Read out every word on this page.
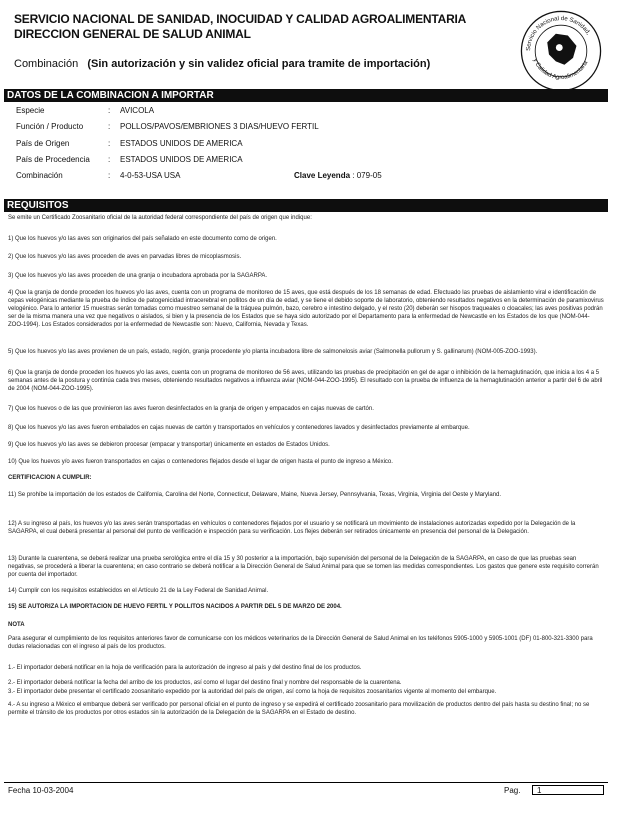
SERVICIO NACIONAL DE SANIDAD, INOCUIDAD Y CALIDAD AGROALIMENTARIA
DIRECCION GENERAL DE SALUD ANIMAL
Combinación (Sin autorización y sin validez oficial para tramite de importación)
Servicio Nacional de Sanidad,
y Calidad Agroalimentaria
DATOS DE LA COMBINACION A IMPORTAR
Especie	: AVICOLA
Función / Producto	: POLLOS/PAVOS/EMBRIONES 3 DIAS/HUEVO FERTIL
País de Origen	: ESTADOS UNIDOS DE AMERICA
País de Procedencia : ESTADOS UNIDOS DE AMERICA
Combinación	: 4-0-53-USA USA	Clave Leyenda : 079-05
REQUISITOS
Se emite un Certificado Zoosanitario oficial de la autoridad federal correspondiente del país de origen que indique:
1) Que los huevos y/o las aves son originarios del país señalado en este documento como de origen.
2) Que los huevos y/o las aves proceden de aves en parvadas libres de micoplasmosis.
3) Que los huevos y/o las aves proceden de una granja o incubadora aprobada por la SAGARPA.
4) Que la granja de donde proceden los huevos y/o las aves, cuenta con un programa de monitoreo de 15 aves, que está después de los 18 semanas de edad. Efectuado las pruebas de aislamiento viral e identificación de cepas velogénicas mediante la prueba de índice de patogenicidad intracerebral en pollitos de un día de edad, y se tiene el debido soporte de laboratorio, obteniendo resultados negativos en la determinación de paramixovirus velogénico. Para lo anterior 15 muestras serán tomadas como muestreo semanal de la tráquea pulmón, bazo, cerebro e intestino delgado, y el resto (20) deberán ser hisopos traqueales o cloacales; las aves positivas podrán ser de la misma manera una vez que negativos o aislados, si bien y la presencia de los Estados que se haya sido autorizado por el Departamento para la enfermedad de Newcastle en los Estados de los que (NOM-044-ZOO-1994). Los Estados considerados por la enfermedad de Newcastle son: Nuevo, California, Nevada y Texas.
5) Que los huevos y/o las aves provienen de un país, estado, región, granja procedente y/o planta incubadora libre de salmonelosis aviar (Salmonella pullorum y S. gallinarum) (NOM-005-ZOO-1993).
6) Que la granja de donde proceden los huevos y/o las aves, cuenta con un programa de monitoreo de 56 aves, utilizando las pruebas de precipitación en gel de agar o inhibición de la hemaglutinación, que inicia a los 4 a 5 semanas antes de la postura y continúa cada tres meses, obteniendo resultados negativos a influenza aviar (NOM-044-ZOO-1995). El resultado con la prueba de influenza de la hemaglutinación anterior a partir del 6 de abril de 2004 (NOM-044-ZOO-1995).
7) Que los huevos o de las que provinieron las aves fueron desinfectados en la granja de origen y empacados en cajas nuevas de cartón.
8) Que los huevos y/o las aves fueron embalados en cajas nuevas de cartón y transportados en vehículos y contenedores lavados y desinfectados previamente al embarque.
9) Que los huevos y/o las aves se debieron procesar (empacar y transportar) únicamente en estados de Estados Unidos.
10) Que los huevos y/o aves fueron transportados en cajas o contenedores flejados desde el lugar de origen hasta el punto de ingreso a México.
CERTIFICACION A CUMPLIR:
11) Se prohíbe la importación de los estados de California, Carolina del Norte, Connecticut, Delaware, Maine, Nueva Jersey, Pennsylvania, Texas, Virginia, Virginia del Oeste y Maryland.
12) A su ingreso al país, los huevos y/o las aves serán transportadas en vehículos o contenedores flejados por el usuario y se notificará un movimiento de instalaciones autorizadas expedido por la Delegación de la SAGARPA, el cual deberá presentar al personal del punto de verificación e inspección para su verificación. Los flejes deberán ser retirados únicamente en presencia del personal de la Delegación.
13) Durante la cuarentena, se deberá realizar una prueba serológica entre el día 15 y 30 posterior a la importación, bajo supervisión del personal de la Delegación de la SAGARPA, en caso de que las pruebas sean negativas, se procederá a liberar la cuarentena; en caso contrario se deberá notificar a la Dirección General de Salud Animal para que se tomen las medidas correspondientes. Los gastos que genere este requisito correrán por cuenta del importador.
14) Cumplir con los requisitos establecidos en el Artículo 21 de la Ley Federal de Sanidad Animal.
15) SE AUTORIZA LA IMPORTACION DE HUEVO FERTIL Y POLLITOS NACIDOS A PARTIR DEL 5 DE MARZO DE 2004.
NOTA
Para asegurar el cumplimiento de los requisitos anteriores favor de comunicarse con los médicos veterinarios de la Dirección General de Salud Animal en los teléfonos 5905-1000 y 5905-1001 (DF) 01-800-321-3300 para dudas relacionadas con el ingreso al país de los productos.
1.- El importador deberá notificar en la hoja de verificación para la autorización de ingreso al país y del destino final de los productos.
2.- El importador deberá notificar la fecha del arribo de los productos, así como el lugar del destino final y nombre del responsable de la cuarentena.
3.- El importador debe presentar el certificado zoosanitario expedido por la autoridad del país de origen, así como la hoja de requisitos zoosanitarios vigente al momento del embarque.
4.- A su ingreso a México el embarque deberá ser verificado por personal oficial en el punto de ingreso y se expedirá el certificado zoosanitario para movilización de productos dentro del país hasta su destino final; no se permite el tránsito de los productos por otros estados sin la autorización de la Delegación de la SAGARPA en el Estado de destino.
Fecha 10-03-2004	Pag.	1
